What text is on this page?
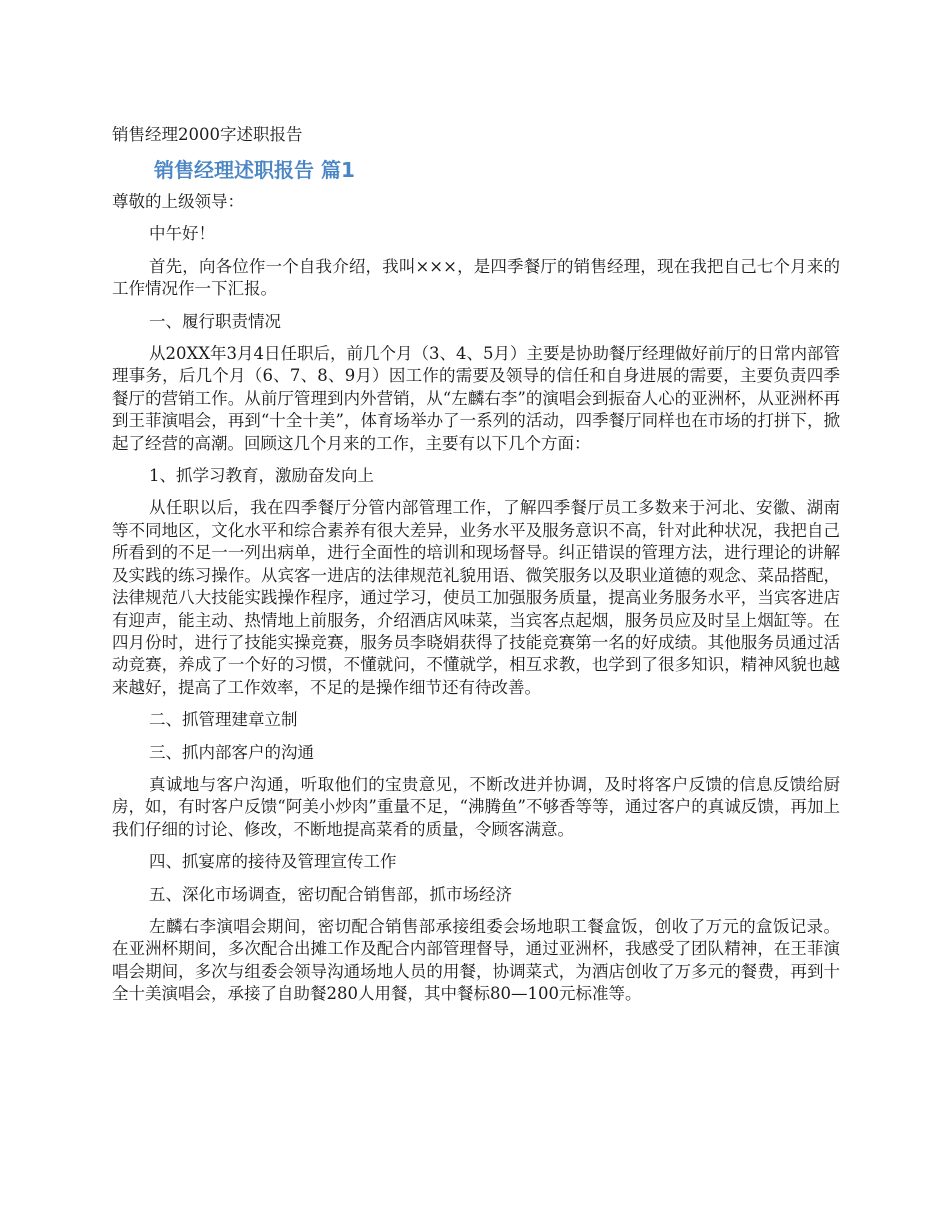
销售经理2000字述职报告
销售经理述职报告 篇1

尊敬的上级领导：

中午好！

首先，向各位作一个自我介绍，我叫×××，是四季餐厅的销售经理，现在我把自己七个月来的工作情况作一下汇报。

一、履行职责情况

从20XX年3月4日任职后，前几个月（3、4、5月）主要是协助餐厅经理做好前厅的日常内部管理事务，后几个月（6、7、8、9月）因工作的需要及领导的信任和自身进展的需要，主要负责四季餐厅的营销工作。从前厅管理到内外营销，从“左麟右李”的演唱会到振奋人心的亚洲杯，从亚洲杯再到王菲演唱会，再到“十全十美”，体育场举办了一系列的活动，四季餐厅同样也在市场的打拼下，掀起了经营的高潮。回顾这几个月来的工作，主要有以下几个方面：

1、抓学习教育，激励奋发向上

从任职以后，我在四季餐厅分管内部管理工作，了解四季餐厅员工多数来于河北、安徽、湖南等不同地区，文化水平和综合素养有很大差异，业务水平及服务意识不高，针对此种状况，我把自己所看到的不足一一列出病单，进行全面性的培训和现场督导。纠正错误的管理方法，进行理论的讲解及实践的练习操作。从宾客一进店的法律规范礼貌用语、微笑服务以及职业道德的观念、菜品搭配，法律规范八大技能实践操作程序，通过学习，使员工加强服务质量，提高业务服务水平，当宾客进店有迎声，能主动、热情地上前服务，介绍酒店风味菜，当宾客点起烟，服务员应及时呈上烟缸等。在四月份时，进行了技能实操竞赛，服务员李晓娟获得了技能竞赛第一名的好成绩。其他服务员通过活动竞赛，养成了一个好的习惯，不懂就问，不懂就学，相互求教，也学到了很多知识，精神风貌也越来越好，提高了工作效率，不足的是操作细节还有待改善。

二、抓管理建章立制

三、抓内部客户的沟通

真诚地与客户沟通，听取他们的宝贵意见，不断改进并协调，及时将客户反馈的信息反馈给厨房，如，有时客户反馈“阿美小炒肉”重量不足，“沸腾鱼”不够香等等，通过客户的真诚反馈，再加上我们仔细的讨论、修改，不断地提高菜肴的质量，令顾客满意。

四、抓宴席的接待及管理宣传工作

五、深化市场调查，密切配合销售部，抓市场经济

左麟右李演唱会期间，密切配合销售部承接组委会场地职工餐盒饭，创收了万元的盒饭记录。在亚洲杯期间，多次配合出摊工作及配合内部管理督导，通过亚洲杯，我感受了团队精神，在王菲演唱会期间，多次与组委会领导沟通场地人员的用餐，协调菜式，为酒店创收了万多元的餐费，再到十全十美演唱会，承接了自助餐280人用餐，其中餐标80—100元标准等。
